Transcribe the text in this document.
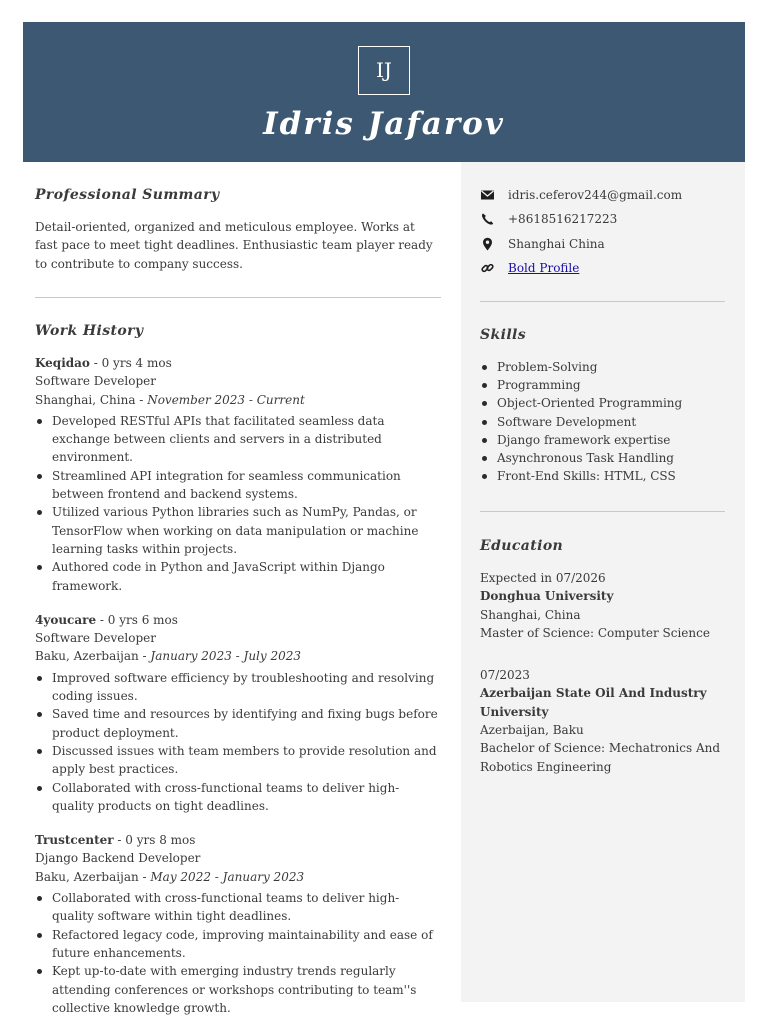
IJ
Idris Jafarov
Professional Summary
Detail-oriented, organized and meticulous employee. Works at fast pace to meet tight deadlines. Enthusiastic team player ready to contribute to company success.
Work History
Keqidao - 0 yrs 4 mos
Software Developer
Shanghai, China - November 2023 - Current
Developed RESTful APIs that facilitated seamless data exchange between clients and servers in a distributed environment.
Streamlined API integration for seamless communication between frontend and backend systems.
Utilized various Python libraries such as NumPy, Pandas, or TensorFlow when working on data manipulation or machine learning tasks within projects.
Authored code in Python and JavaScript within Django framework.
4youcare - 0 yrs 6 mos
Software Developer
Baku, Azerbaijan - January 2023 - July 2023
Improved software efficiency by troubleshooting and resolving coding issues.
Saved time and resources by identifying and fixing bugs before product deployment.
Discussed issues with team members to provide resolution and apply best practices.
Collaborated with cross-functional teams to deliver high-quality products on tight deadlines.
Trustcenter - 0 yrs 8 mos
Django Backend Developer
Baku, Azerbaijan - May 2022 - January 2023
Collaborated with cross-functional teams to deliver high-quality software within tight deadlines.
Refactored legacy code, improving maintainability and ease of future enhancements.
Kept up-to-date with emerging industry trends regularly attending conferences or workshops contributing to team''s collective knowledge growth.
idris.ceferov244@gmail.com
+8618516217223
Shanghai China
Bold Profile
Skills
Problem-Solving
Programming
Object-Oriented Programming
Software Development
Django framework expertise
Asynchronous Task Handling
Front-End Skills: HTML, CSS
Education
Expected in 07/2026
Donghua University
Shanghai, China
Master of Science: Computer Science
07/2023
Azerbaijan State Oil And Industry University
Azerbaijan, Baku
Bachelor of Science: Mechatronics And Robotics Engineering
